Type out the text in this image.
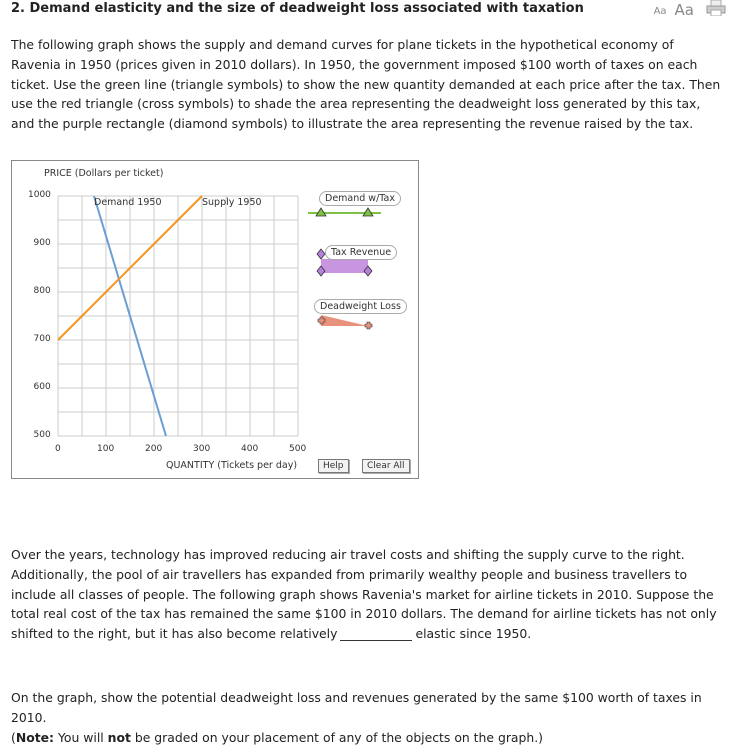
2. Demand elasticity and the size of deadweight loss associated with taxation	Aa Aa
The following graph shows the supply and demand curves for plane tickets in the hypothetical economy of Ravenia in 1950 (prices given in 2010 dollars). In 1950, the government imposed $100 worth of taxes on each ticket. Use the green line (triangle symbols) to show the new quantity demanded at each price after the tax. Then use the red triangle (cross symbols) to shade the area representing the deadweight loss generated by this tax, and the purple rectangle (diamond symbols) to illustrate the area representing the revenue raised by the tax.
PRICE (Dollars per ticket)
QUANTITY (Tickets per day)
0	100	200	300	400	500
500
600
700
800
900
1000
Demand 1950	Supply 1950	Demand w/Tax
Tax Revenue
Deadweight Loss
Help	Clear All
Over the years, technology has improved reducing air travel costs and shifting the supply curve to the right. Additionally, the pool of air travellers has expanded from primarily wealthy people and business travellers to include all classes of people. The following graph shows Ravenia's market for airline tickets in 2010. Suppose the total real cost of the tax has remained the same $100 in 2010 dollars. The demand for airline tickets has not only shifted to the right, but it has also become relatively	elastic since 1950.
On the graph, show the potential deadweight loss and revenues generated by the same $100 worth of taxes in 2010.
(Note: You will not be graded on your placement of any of the objects on the graph.)
